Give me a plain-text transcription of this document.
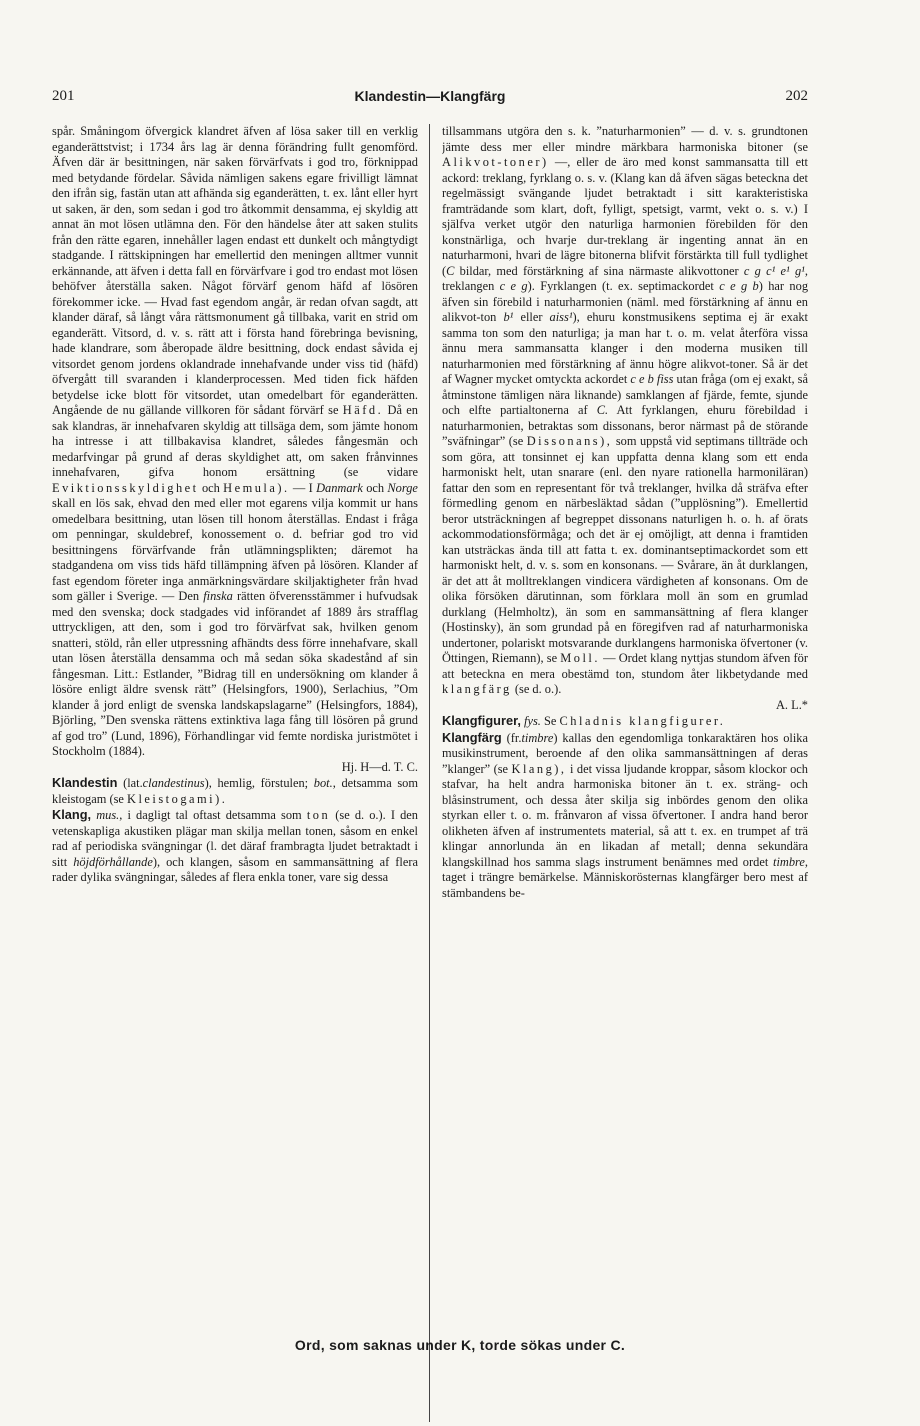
201	Klandestin—Klangfärg	202

spår. Småningom öfvergick klandret äfven af lösa saker till en verklig eganderättstvist; i 1734 års lag är denna förändring fullt genomförd. Äfven där är besittningen, när saken förvärfvats i god tro, förknippad med betydande fördelar. Såvida nämligen sakens egare frivilligt lämnat den ifrån sig, fastän utan att afhända sig eganderätten, t. ex. lånt eller hyrt ut saken, är den, som sedan i god tro åtkommit densamma, ej skyldig att annat än mot lösen utlämna den. För den händelse åter att saken stulits från den rätte egaren, innehåller lagen endast ett dunkelt och mångtydigt stadgande. I rättskipningen har emellertid den meningen alltmer vunnit erkännande, att äfven i detta fall en förvärfvare i god tro endast mot lösen behöfver återställa saken. Något förvärf genom häfd af lösören förekommer icke. — Hvad fast egendom angår, är redan ofvan sagdt, att klander däraf, så långt våra rättsmonument gå tillbaka, varit en strid om eganderätt. Vitsord, d. v. s. rätt att i första hand förebringa bevisning, hade klandrare, som åberopade äldre besittning, dock endast såvida ej vitsordet genom jordens oklandrade innehafvande under viss tid (häfd) öfvergått till svaranden i klanderprocessen. Med tiden fick häfden betydelse icke blott för vitsordet, utan omedelbart för eganderätten. Angående de nu gällande villkoren för sådant förvärf se Häfd. Då en sak klandras, är innehafvaren skyldig att tillsäga dem, som jämte honom ha intresse i att tillbakavisa klandret, således fångesmän och medarfvingar på grund af deras skyldighet att, om saken frånvinnes innehafvaren, gifva honom ersättning (se vidare Eviktionsskyldighet och Hemula). — I Danmark och Norge skall en lös sak, ehvad den med eller mot egarens vilja kommit ur hans omedelbara besittning, utan lösen till honom återställas. Endast i fråga om penningar, skuldebref, konossement o. d. befriar god tro vid besittningens förvärfvande från utlämningsplikten; däremot ha stadgandena om viss tids häfd tillämpning äfven på lösören. Klander af fast egendom företer inga anmärkningsvärdare skiljaktigheter från hvad som gäller i Sverige. — Den finska rätten öfverensstämmer i hufvudsak med den svenska; dock stadgades vid införandet af 1889 års strafflag uttryckligen, att den, som i god tro förvärfvat sak, hvilken genom snatteri, stöld, rån eller utpressning afhändts dess förre innehafvare, skall utan lösen återställa densamma och må sedan söka skadestånd af sin fångesman. Litt.: Estlander, ”Bidrag till en undersökning om klander å lösöre enligt äldre svensk rätt” (Helsingfors, 1900), Serlachius, ”Om klander å jord enligt de svenska landskapslagarne” (Helsingfors, 1884), Björling, ”Den svenska rättens extinktiva laga fång till lösören på grund af god tro” (Lund, 1896), Förhandlingar vid femte nordiska juristmötet i Stockholm (1884).
Hj. H—d. T. C.

Klandestin (lat.clandestinus), hemlig, förstulen; bot., detsamma som kleistogam (se Kleistogami).

Klang, mus., i dagligt tal oftast detsamma som ton (se d. o.). I den vetenskapliga akustiken plägar man skilja mellan tonen, såsom en enkel rad af periodiska svängningar (l. det däraf frambragta ljudet betraktadt i sitt höjdförhållande), och klangen, såsom en sammansättning af flera rader dylika svängningar, således af flera enkla toner, vare sig dessa

tillsammans utgöra den s. k. ”naturharmonien” — d. v. s. grundtonen jämte dess mer eller mindre märkbara harmoniska bitoner (se Alikvot-toner) —, eller de äro med konst sammansatta till ett ackord: treklang, fyrklang o. s. v. (Klang kan då äfven sägas beteckna det regelmässigt svängande ljudet betraktadt i sitt karakteristiska framträdande som klart, doft, fylligt, spetsigt, varmt, vekt o. s. v.) I själfva verket utgör den naturliga harmonien förebilden för den konstnärliga, och hvarje dur-treklang är ingenting annat än en naturharmoni, hvari de lägre bitonerna blifvit förstärkta till full tydlighet (C bildar, med förstärkning af sina närmaste alikvottoner c g c¹ e¹ g¹, treklangen c e g). Fyrklangen (t. ex. septimackordet c e g b) har nog äfven sin förebild i naturharmonien (näml. med förstärkning af ännu en alikvot-ton b¹ eller aiss¹), ehuru konstmusikens septima ej är exakt samma ton som den naturliga; ja man har t. o. m. velat återföra vissa ännu mera sammansatta klanger i den moderna musiken till naturharmonien med förstärkning af ännu högre alikvot-toner. Så är det af Wagner mycket omtyckta ackordet c e b fiss utan fråga (om ej exakt, så åtminstone tämligen nära liknande) samklangen af fjärde, femte, sjunde och elfte partialtonerna af C. Att fyrklangen, ehuru förebildad i naturharmonien, betraktas som dissonans, beror närmast på de störande ”sväfningar” (se Dissonans), som uppstå vid septimans tillträde och som göra, att tonsinnet ej kan uppfatta denna klang som ett enda harmoniskt helt, utan snarare (enl. den nyare rationella harmoniläran) fattar den som en representant för två treklanger, hvilka då sträfva efter förmedling genom en närbesläktad sådan (”upplösning”). Emellertid beror utsträckningen af begreppet dissonans naturligen h. o. h. af örats ackommodationsförmåga; och det är ej omöjligt, att denna i framtiden kan utsträckas ända till att fatta t. ex. dominantseptimackordet som ett harmoniskt helt, d. v. s. som en konsonans. — Svårare, än åt durklangen, är det att åt molltreklangen vindicera värdigheten af konsonans. Om de olika försöken därutinnan, som förklara moll än som en grumlad durklang (Helmholtz), än som en sammansättning af flera klanger (Hostinsky), än som grundad på en föregifven rad af naturharmoniska undertoner, polariskt motsvarande durklangens harmoniska öfvertoner (v. Öttingen, Riemann), se Moll. — Ordet klang nyttjas stundom äfven för att beteckna en mera obestämd ton, stundom åter likbetydande med klangfärg (se d. o.).
A. L.*

Klangfigurer, fys. Se Chladnis klangfigurer.

Klangfärg (fr.timbre) kallas den egendomliga tonkaraktären hos olika musikinstrument, beroende af den olika sammansättningen af deras ”klanger” (se Klang), i det vissa ljudande kroppar, såsom klockor och stafvar, ha helt andra harmoniska bitoner än t. ex. sträng- och blåsinstrument, och dessa åter skilja sig inbördes genom den olika styrkan eller t. o. m. frånvaron af vissa öfvertoner. I andra hand beror olikheten äfven af instrumentets material, så att t. ex. en trumpet af trä klingar annorlunda än en likadan af metall; denna sekundära klangskillnad hos samma slags instrument benämnes med ordet timbre, taget i trängre bemärkelse. Människorösternas klangfärger bero mest af stämbandens be-

Ord, som saknas under K, torde sökas under C.
